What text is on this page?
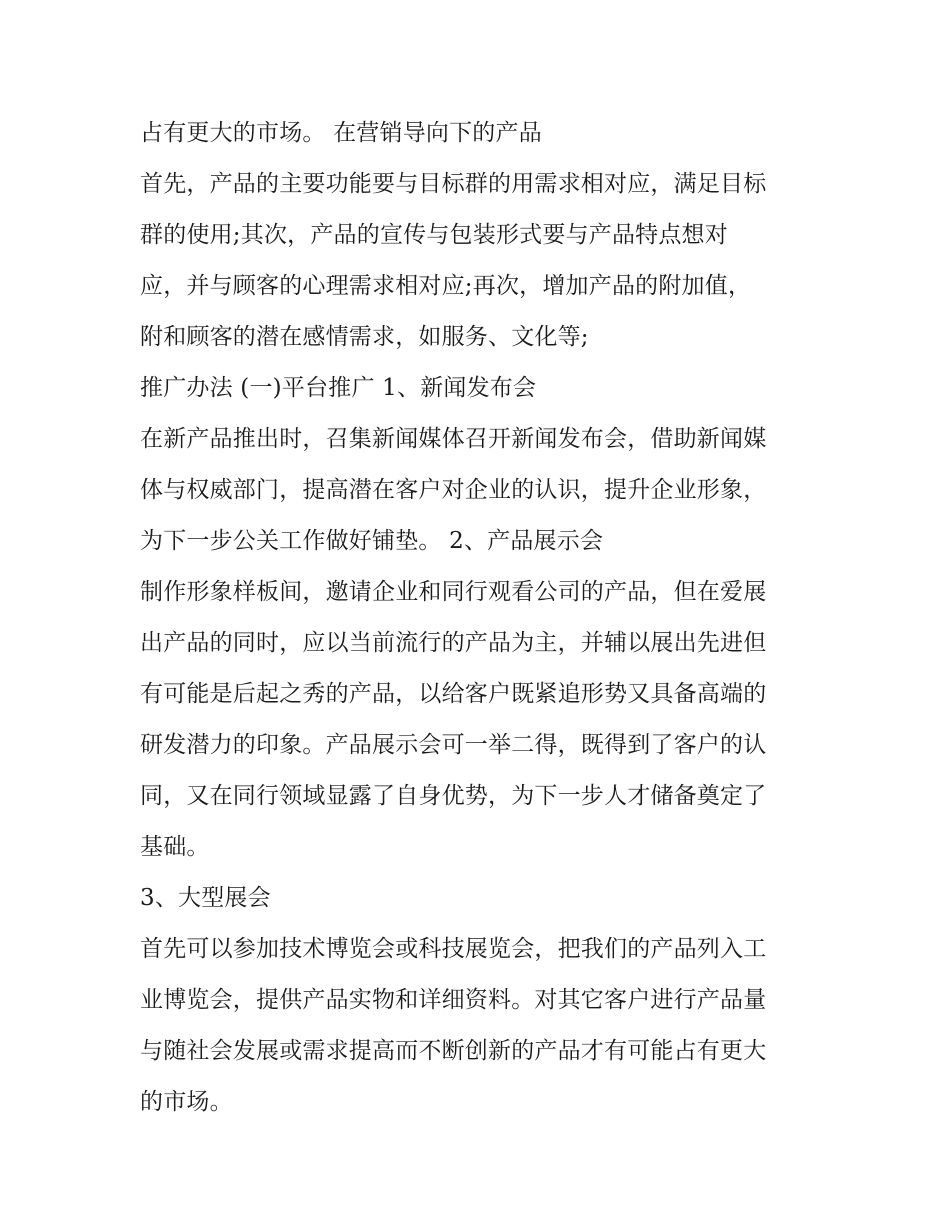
占有更大的市场。 在营销导向下的产品
首先，产品的主要功能要与目标群的用需求相对应，满足目标
群的使用;其次，产品的宣传与包装形式要与产品特点想对
应，并与顾客的心理需求相对应;再次，增加产品的附加值，
附和顾客的潜在感情需求，如服务、文化等;
推广办法 (一)平台推广 1、新闻发布会
在新产品推出时，召集新闻媒体召开新闻发布会，借助新闻媒
体与权威部门，提高潜在客户对企业的认识，提升企业形象，
为下一步公关工作做好铺垫。 2、产品展示会
制作形象样板间，邀请企业和同行观看公司的产品，但在爱展
出产品的同时，应以当前流行的产品为主，并辅以展出先进但
有可能是后起之秀的产品，以给客户既紧追形势又具备高端的
研发潜力的印象。产品展示会可一举二得，既得到了客户的认
同，又在同行领域显露了自身优势，为下一步人才储备奠定了
基础。
3、大型展会
首先可以参加技术博览会或科技展览会，把我们的产品列入工
业博览会，提供产品实物和详细资料。对其它客户进行产品量
与随社会发展或需求提高而不断创新的产品才有可能占有更大
的市场。
